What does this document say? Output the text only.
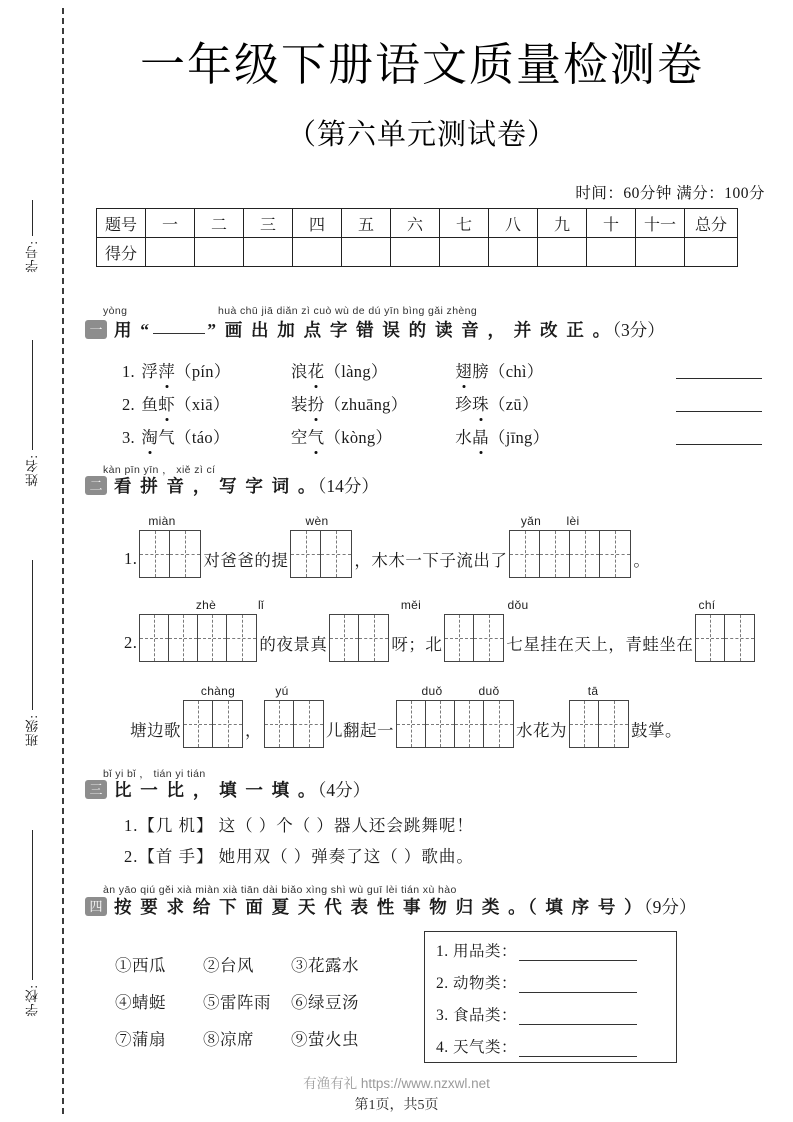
学号:
姓名:
班级:
学校:
一年级下册语文质量检测卷
（第六单元测试卷）
时间：60分钟 满分：100分
题号	一	二	三	四	五	六	七	八	九	十	十一	总分
得分												
yòng	huà chū jiā diǎn zì cuò wù de dú yīn bìng gǎi zhèng
一 用 “	” 画 出 加 点 字 错 误 的 读 音 ， 并 改 正 。（3分）
1. 浮萍（pín）	浪花（làng）	翅膀（chì）
2. 鱼虾（xiā）	装扮（zhuāng）	珍珠（zū）
3. 淘气（táo）	空气（kòng）	水晶（jīng）
kàn pīn yīn ， xiě zì cí
二 看 拼 音 ， 写 字 词 。（14分）
miàn	wèn	yǎn	lèi
1.	对爸爸的提	，木木一下子流出了	。
zhè	lǐ	měi	dǒu	chí
2.	的夜景真	呀；北	七星挂在天上，青蛙坐在
chàng	yú	duǒ	duǒ	tā
塘边歌	，	儿翻起一	水花为	鼓掌。
bǐ yi bǐ ， tián yi tián
三 比 一 比 ， 填 一 填 。（4分）
1.【几 机】 这（ ）个（ ）器人还会跳舞呢！
2.【首 手】 她用双（ ）弹奏了这（ ）歌曲。
àn yāo qiú gěi xià miàn xià tiān dài biǎo xìng shì wù guī lèi tián xù hào
四 按 要 求 给 下 面 夏 天 代 表 性 事 物 归 类 。（ 填 序 号 ）（9分）
①西瓜 ②台风 ③花露水
④蜻蜓 ⑤雷阵雨 ⑥绿豆汤
⑦蒲扇 ⑧凉席 ⑨萤火虫
1. 用品类：
2. 动物类：
3. 食品类：
4. 天气类：
有渔有礼 https://www.nzxwl.net
第1页，共5页
